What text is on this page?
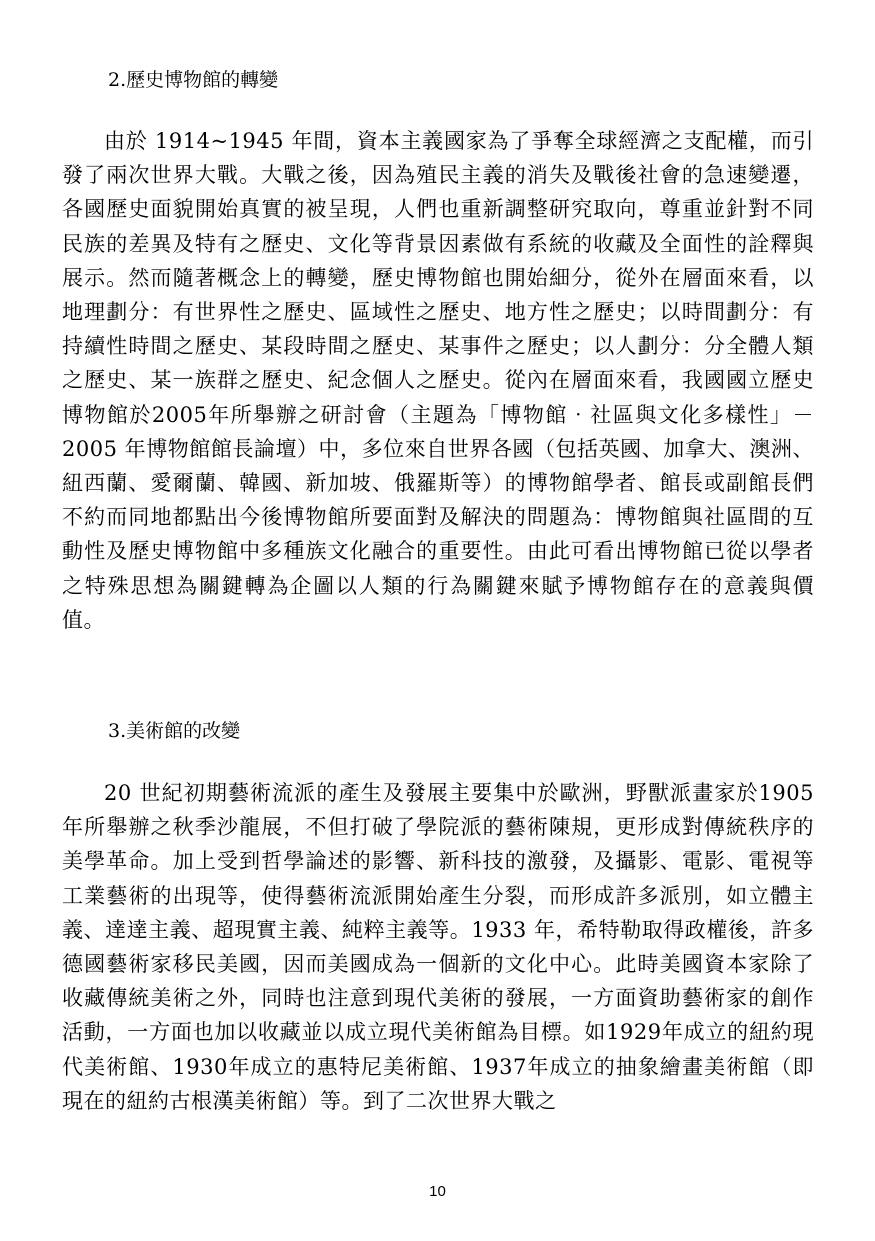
2.歷史博物館的轉變

由於 1914~1945 年間，資本主義國家為了爭奪全球經濟之支配權，而引發了兩次世界大戰。大戰之後，因為殖民主義的消失及戰後社會的急速變遷，各國歷史面貌開始真實的被呈現，人們也重新調整研究取向，尊重並針對不同民族的差異及特有之歷史、文化等背景因素做有系統的收藏及全面性的詮釋與展示。然而隨著概念上的轉變，歷史博物館也開始細分，從外在層面來看，以地理劃分：有世界性之歷史、區域性之歷史、地方性之歷史；以時間劃分：有持續性時間之歷史、某段時間之歷史、某事件之歷史；以人劃分：分全體人類之歷史、某一族群之歷史、紀念個人之歷史。從內在層面來看，我國國立歷史博物館於2005年所舉辦之研討會（主題為「博物館‧社區與文化多樣性」－2005 年博物館館長論壇）中，多位來自世界各國（包括英國、加拿大、澳洲、紐西蘭、愛爾蘭、韓國、新加坡、俄羅斯等）的博物館學者、館長或副館長們不約而同地都點出今後博物館所要面對及解決的問題為：博物館與社區間的互動性及歷史博物館中多種族文化融合的重要性。由此可看出博物館已從以學者之特殊思想為關鍵轉為企圖以人類的行為關鍵來賦予博物館存在的意義與價值。

3.美術館的改變

20 世紀初期藝術流派的產生及發展主要集中於歐洲，野獸派畫家於1905年所舉辦之秋季沙龍展，不但打破了學院派的藝術陳規，更形成對傳統秩序的美學革命。加上受到哲學論述的影響、新科技的激發，及攝影、電影、電視等工業藝術的出現等，使得藝術流派開始產生分裂，而形成許多派別，如立體主義、達達主義、超現實主義、純粹主義等。1933 年，希特勒取得政權後，許多德國藝術家移民美國，因而美國成為一個新的文化中心。此時美國資本家除了收藏傳統美術之外，同時也注意到現代美術的發展，一方面資助藝術家的創作活動，一方面也加以收藏並以成立現代美術館為目標。如1929年成立的紐約現代美術館、1930年成立的惠特尼美術館、1937年成立的抽象繪畫美術館（即現在的紐約古根漢美術館）等。到了二次世界大戰之

10
